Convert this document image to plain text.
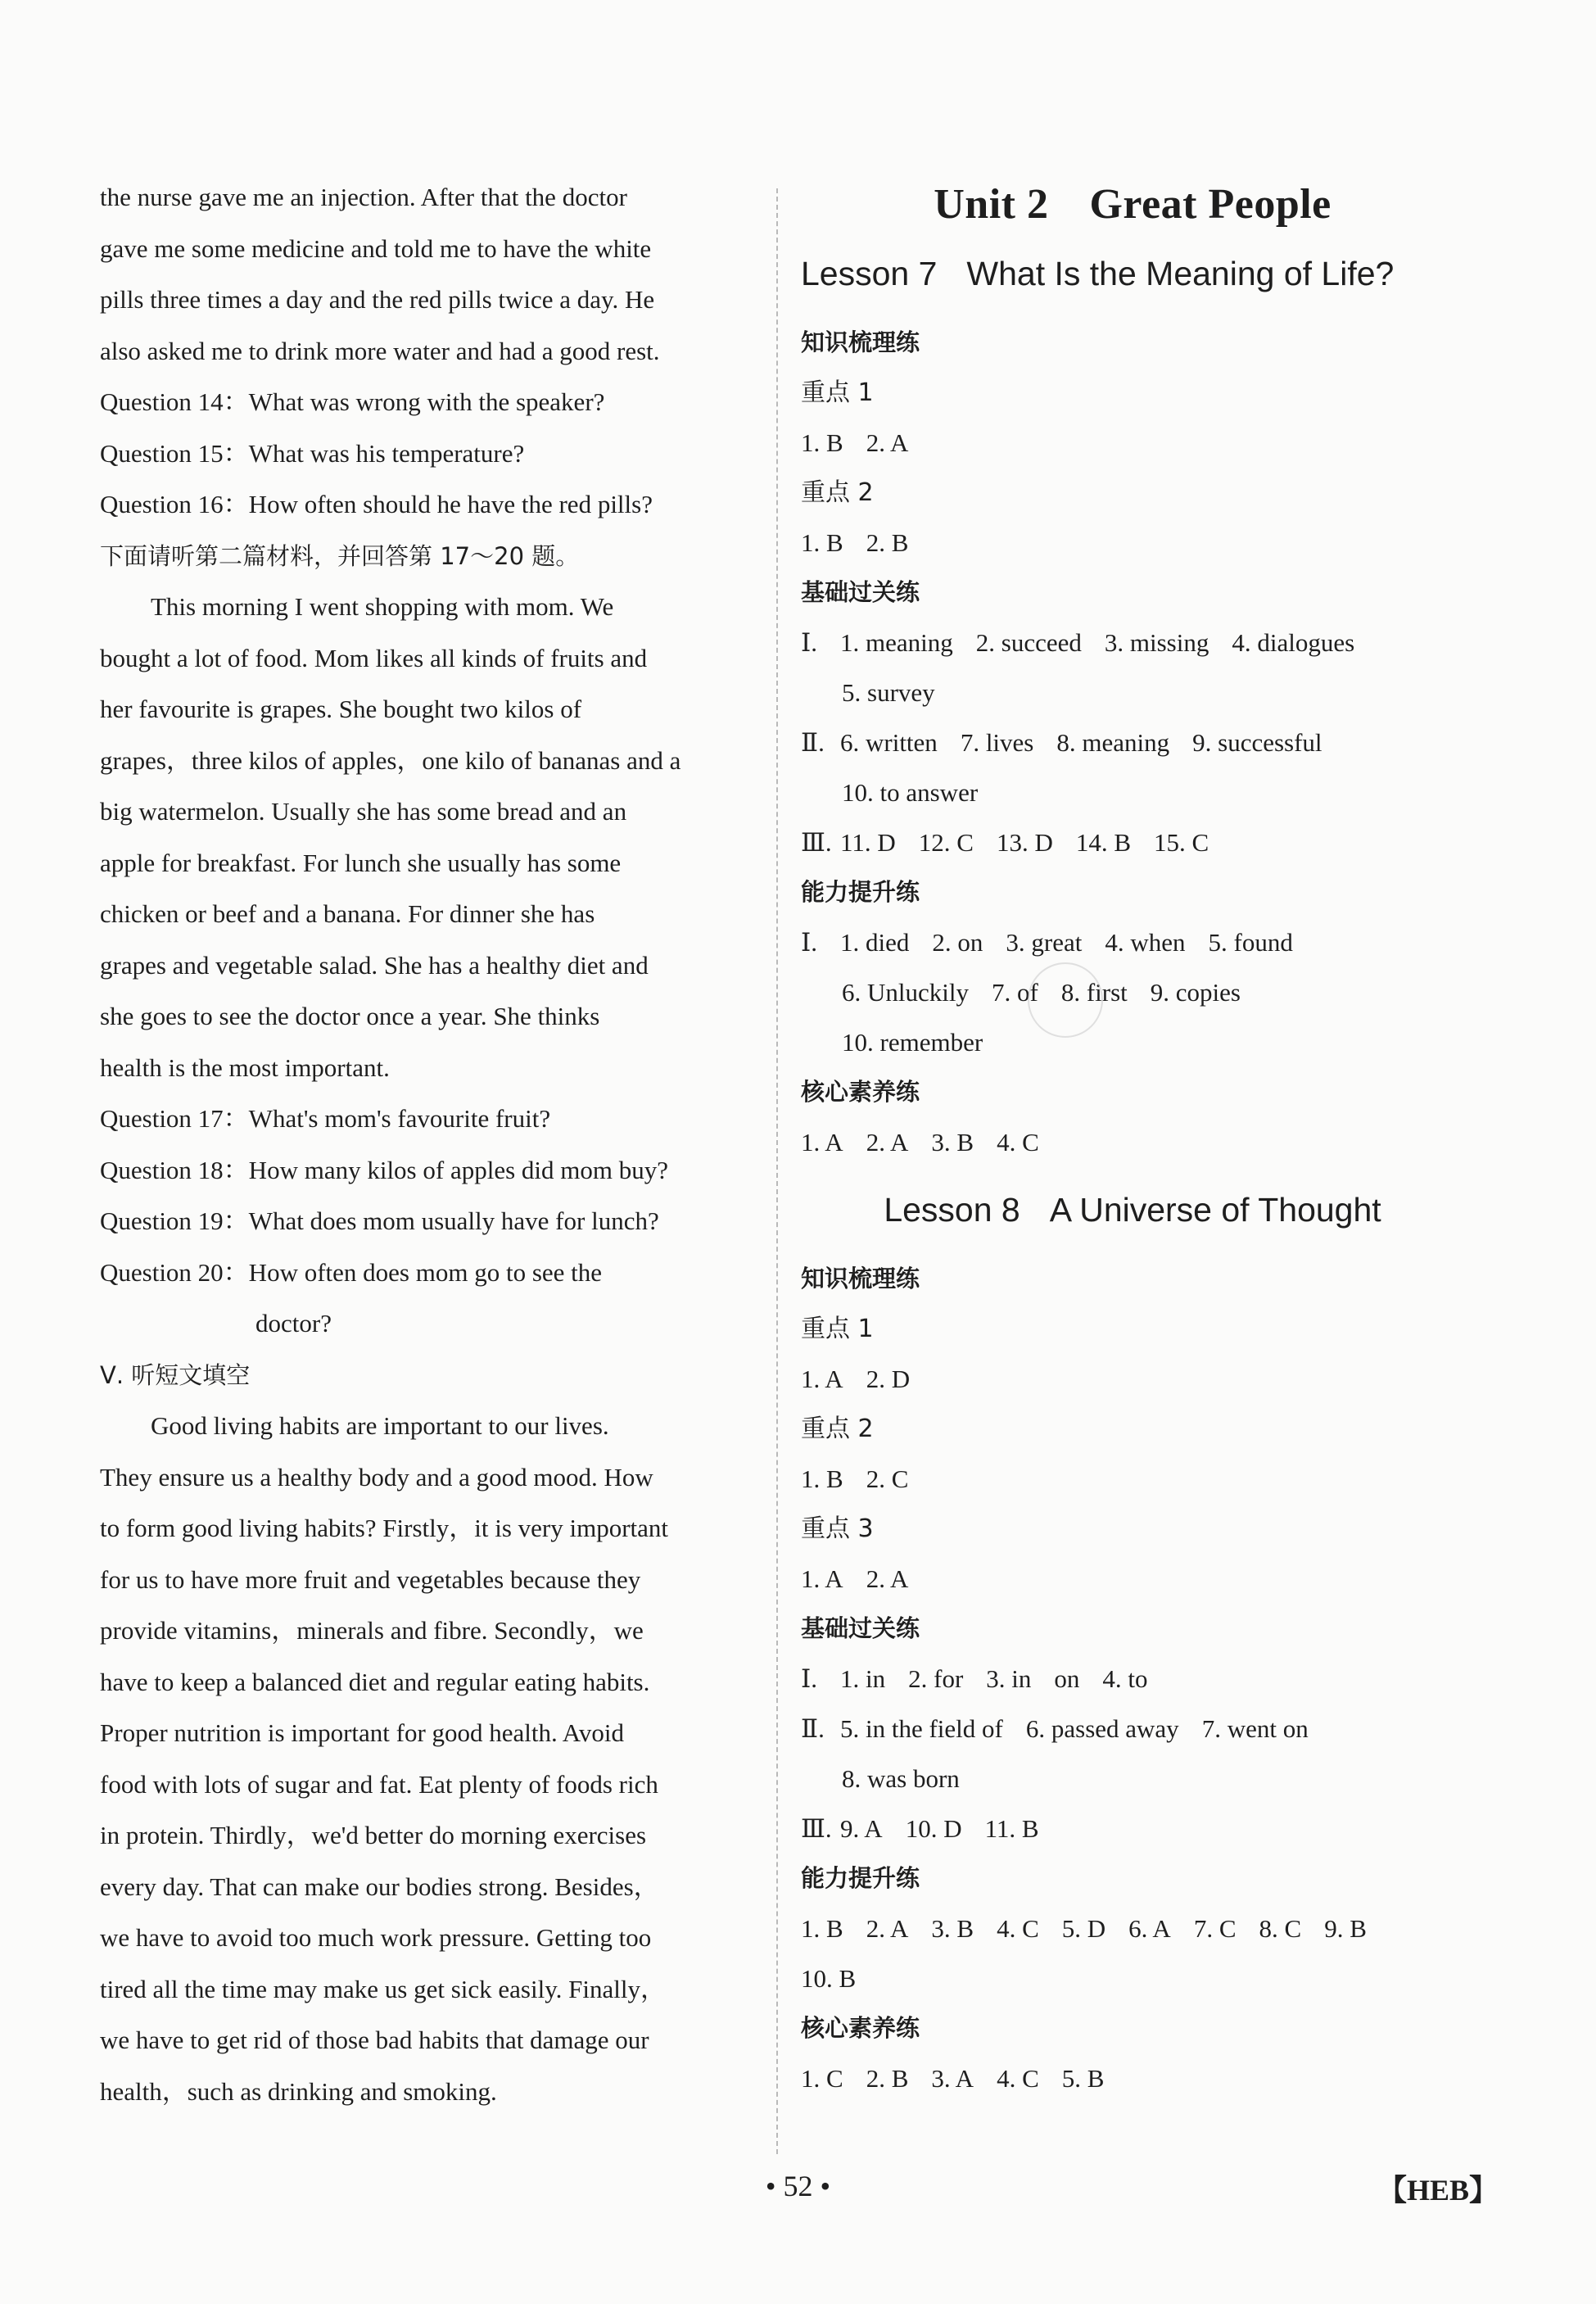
the nurse gave me an injection. After that the doctor

gave me some medicine and told me to have the white

pills three times a day and the red pills twice a day. He

also asked me to drink more water and had a good rest.

Question 14：What was wrong with the speaker?

Question 15：What was his temperature?

Question 16：How often should he have the red pills?

下面请听第二篇材料，并回答第 17～20 题。

This morning I went shopping with mom. We

bought a lot of food. Mom likes all kinds of fruits and

her favourite is grapes. She bought two kilos of

grapes，three kilos of apples，one kilo of bananas and a

big watermelon. Usually she has some bread and an

apple for breakfast. For lunch she usually has some

chicken or beef and a banana. For dinner she has

grapes and vegetable salad. She has a healthy diet and

she goes to see the doctor once a year. She thinks

health is the most important.

Question 17：What's mom's favourite fruit?

Question 18：How many kilos of apples did mom buy?

Question 19：What does mom usually have for lunch?

Question 20：How often does mom go to see the

doctor?

Ⅴ. 听短文填空

Good living habits are important to our lives.

They ensure us a healthy body and a good mood. How

to form good living habits? Firstly，it is very important

for us to have more fruit and vegetables because they

provide vitamins，minerals and fibre. Secondly，we

have to keep a balanced diet and regular eating habits.

Proper nutrition is important for good health. Avoid

food with lots of sugar and fat. Eat plenty of foods rich

in protein. Thirdly，we'd better do morning exercises

every day. That can make our bodies strong. Besides，

we have to avoid too much work pressure. Getting too

tired all the time may make us get sick easily. Finally，

we have to get rid of those bad habits that damage our

health，such as drinking and smoking.

Unit 2 Great People
Lesson 7 What Is the Meaning of Life?
知识梳理练
重点 1
1. B 2. A
重点 2
1. B 2. B
基础过关练
Ⅰ. 1. meaning 2. succeed 3. missing 4. dialogues
5. survey
Ⅱ. 6. written 7. lives 8. meaning 9. successful
10. to answer
Ⅲ. 11. D 12. C 13. D 14. B 15. C
能力提升练
Ⅰ. 1. died 2. on 3. great 4. when 5. found
6. Unluckily 7. of 8. first 9. copies
10. remember
核心素养练
1. A 2. A 3. B 4. C
Lesson 8 A Universe of Thought
知识梳理练
重点 1
1. A 2. D
重点 2
1. B 2. C
重点 3
1. A 2. A
基础过关练
Ⅰ. 1. in 2. for 3. in on 4. to
Ⅱ. 5. in the field of 6. passed away 7. went on
8. was born
Ⅲ. 9. A 10. D 11. B
能力提升练
1. B 2. A 3. B 4. C 5. D 6. A 7. C 8. C 9. B
10. B
核心素养练
1. C 2. B 3. A 4. C 5. B
• 52 •	【HEB】
